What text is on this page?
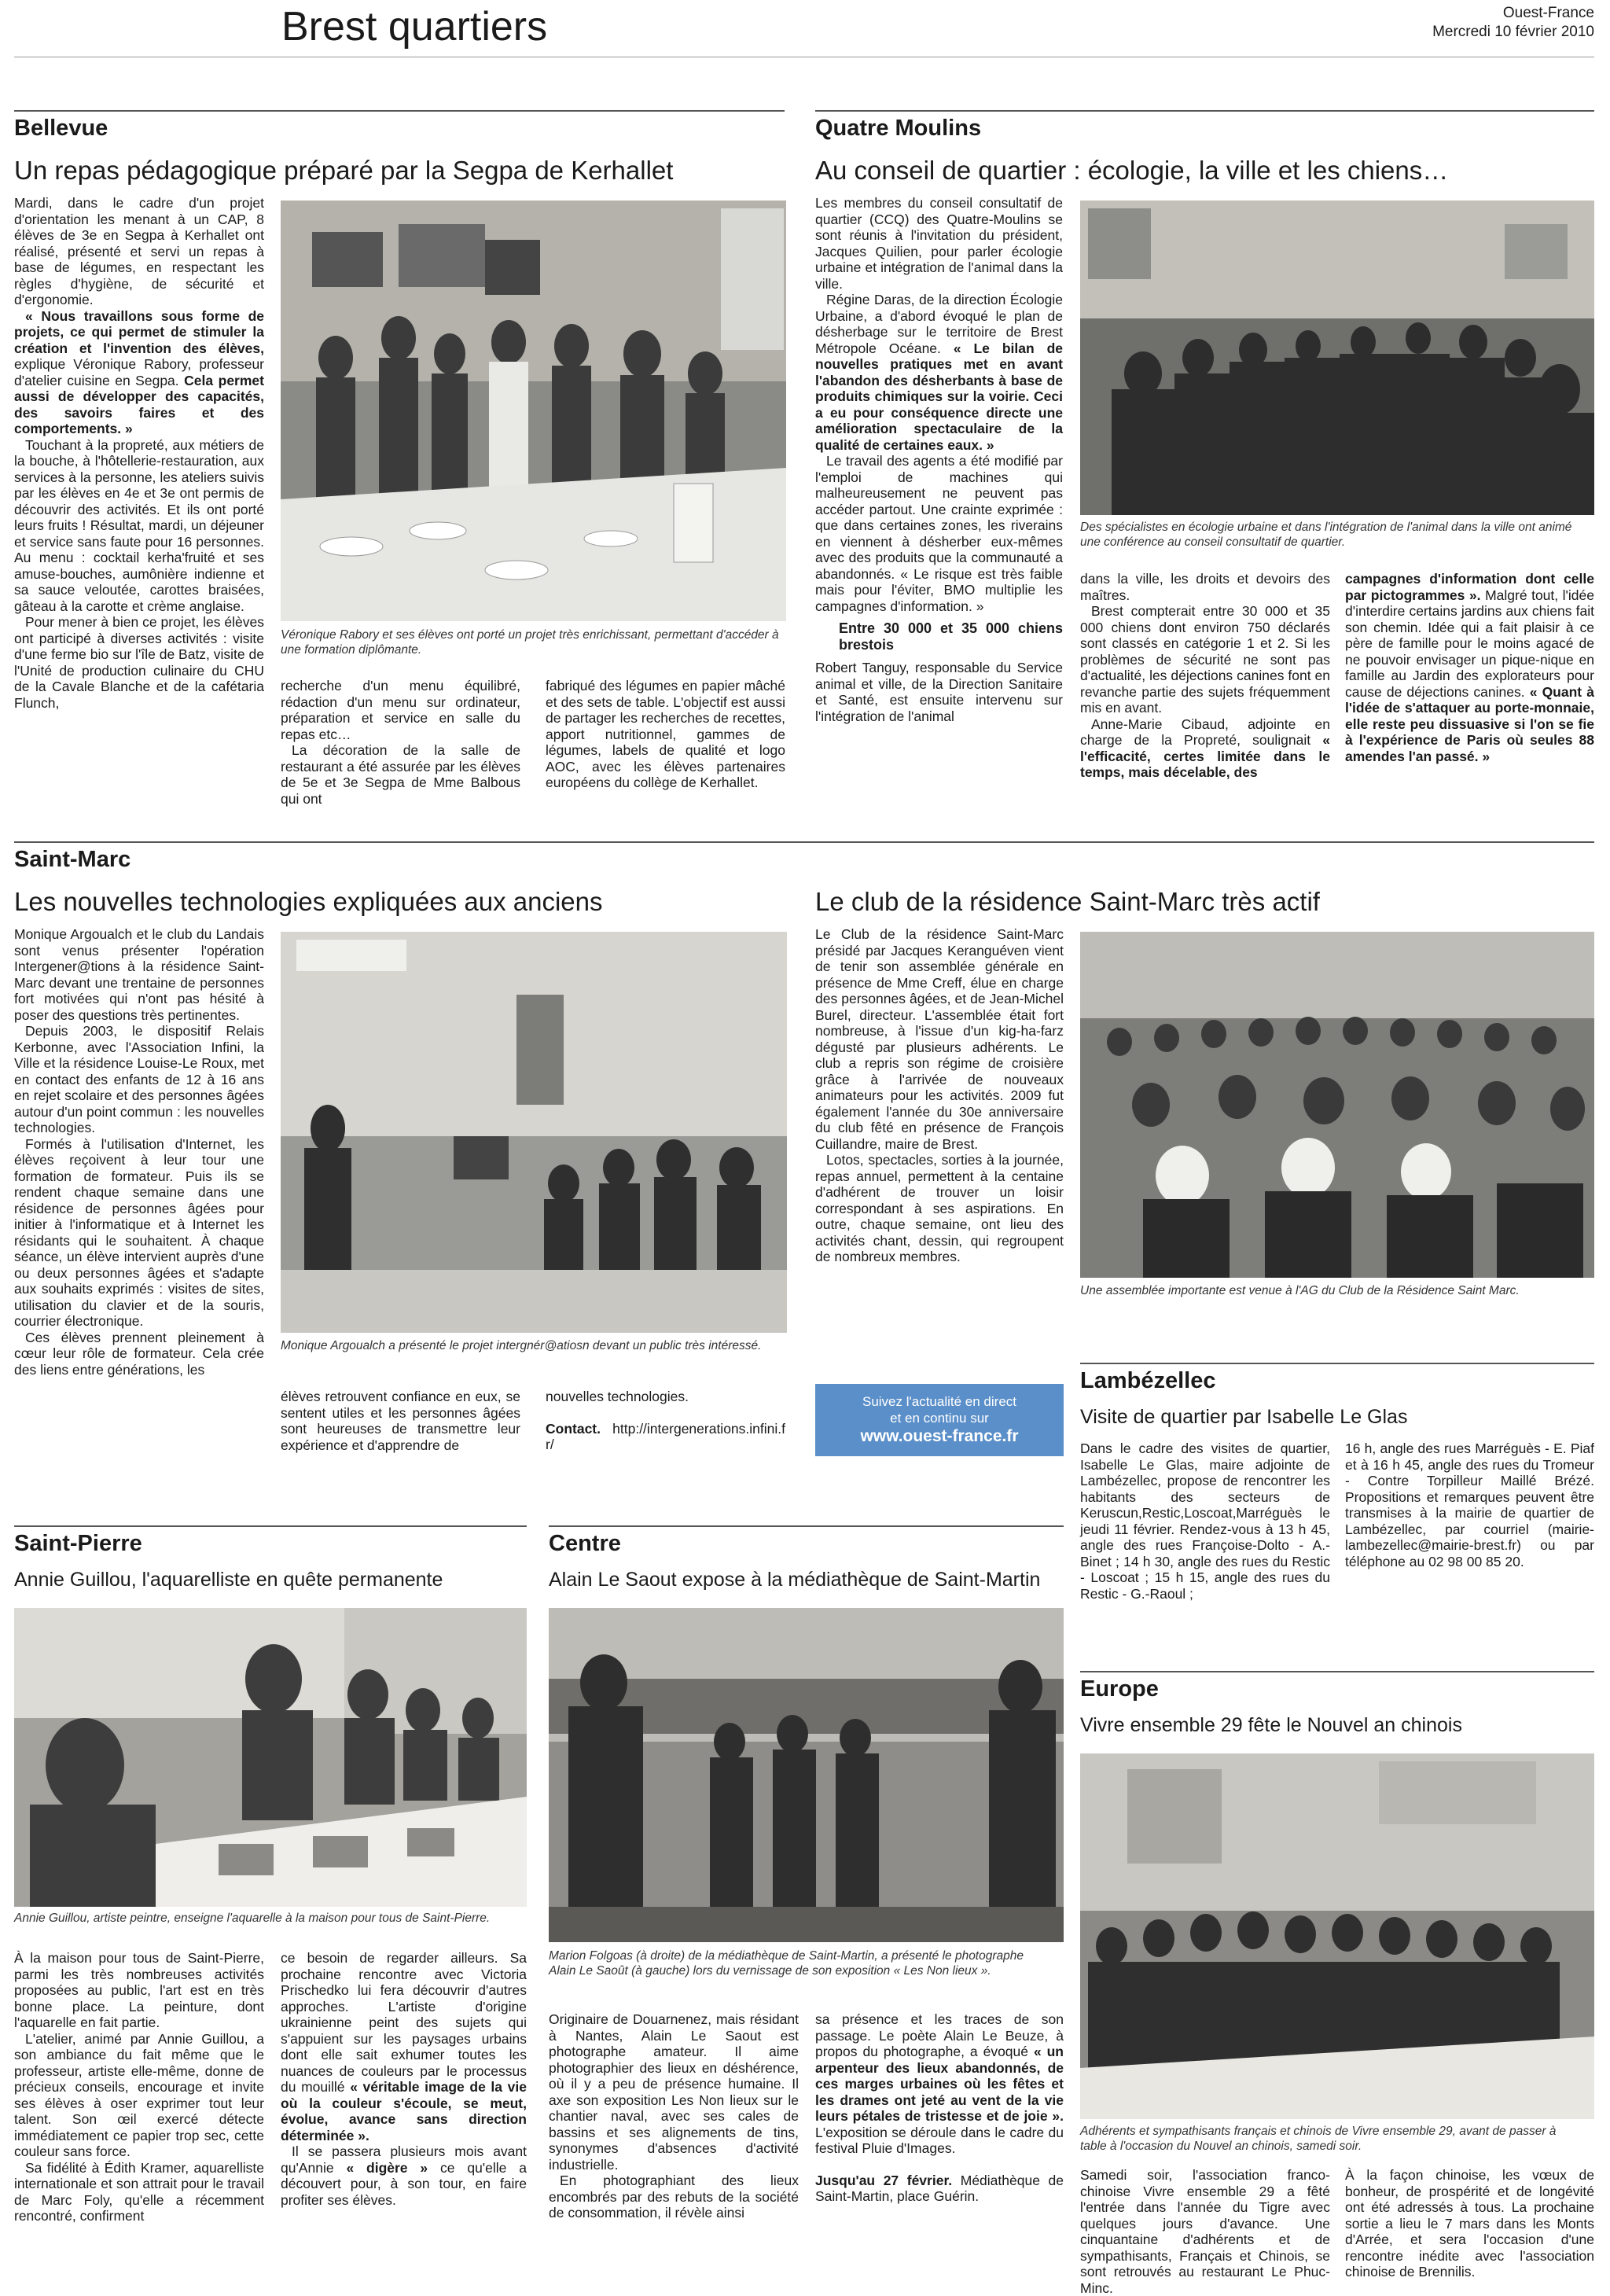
Brest quartiers	Ouest-France
Mercredi 10 février 2010
Bellevue
Un repas pédagogique préparé par la Segpa de Kerhallet

Mardi, dans le cadre d'un projet d'orientation les menant à un CAP, 8 élèves de 3e en Segpa à Kerhallet ont réalisé, présenté et servi un repas à base de légumes, en respectant les règles d'hygiène, de sécurité et d'ergonomie.

« Nous travaillons sous forme de projets, ce qui permet de stimuler la création et l'invention des élèves, explique Véronique Rabory, professeur d'atelier cuisine en Segpa. Cela permet aussi de développer des capacités, des savoirs faires et des comportements. »

Touchant à la propreté, aux métiers de la bouche, à l'hôtellerie-restauration, aux services à la personne, les ateliers suivis par les élèves en 4e et 3e ont permis de découvrir des activités. Et ils ont porté leurs fruits ! Résultat, mardi, un déjeuner et service sans faute pour 16 personnes. Au menu : cocktail kerha'fruité et ses amuse-bouches, aumônière indienne et sa sauce veloutée, carottes braisées, gâteau à la carotte et crème anglaise.

Pour mener à bien ce projet, les élèves ont participé à diverses activités : visite d'une ferme bio sur l'île de Batz, visite de l'Unité de production culinaire du CHU de la Cavale Blanche et de la cafétaria Flunch,

Véronique Rabory et ses élèves ont porté un projet très enrichissant, permettant d'accéder à une formation diplômante.

recherche d'un menu équilibré, rédaction d'un menu sur ordinateur, préparation et service en salle du repas etc…

La décoration de la salle de restaurant a été assurée par les élèves de 5e et 3e Segpa de Mme Balbous qui ont

fabriqué des légumes en papier mâché et des sets de table. L'objectif est aussi de partager les recherches de recettes, apport nutritionnel, gammes de légumes, labels de qualité et logo AOC, avec les élèves partenaires européens du collège de Kerhallet.

Quatre Moulins
Au conseil de quartier : écologie, la ville et les chiens…

Les membres du conseil consultatif de quartier (CCQ) des Quatre-Moulins se sont réunis à l'invitation du président, Jacques Quilien, pour parler écologie urbaine et intégration de l'animal dans la ville.

Régine Daras, de la direction Écologie Urbaine, a d'abord évoqué le plan de désherbage sur le territoire de Brest Métropole Océane. « Le bilan de nouvelles pratiques met en avant l'abandon des désherbants à base de produits chimiques sur la voirie. Ceci a eu pour conséquence directe une amélioration spectaculaire de la qualité de certaines eaux. »

Le travail des agents a été modifié par l'emploi de machines qui malheureusement ne peuvent pas accéder partout. Une crainte exprimée : que dans certaines zones, les riverains en viennent à désherber eux-mêmes avec des produits que la communauté a abandonnés. « Le risque est très faible mais pour l'éviter, BMO multiplie les campagnes d'information. »

Entre 30 000 et 35 000 chiens brestois

Robert Tanguy, responsable du Service animal et ville, de la Direction Sanitaire et Santé, est ensuite intervenu sur l'intégration de l'animal

Des spécialistes en écologie urbaine et dans l'intégration de l'animal dans la ville ont animé une conférence au conseil consultatif de quartier.

dans la ville, les droits et devoirs des maîtres.

Brest compterait entre 30 000 et 35 000 chiens dont environ 750 déclarés sont classés en catégorie 1 et 2. Si les problèmes de sécurité ne sont pas d'actualité, les déjections canines font en revanche partie des sujets fréquemment mis en avant.

Anne-Marie Cibaud, adjointe en charge de la Propreté, soulignait « l'efficacité, certes limitée dans le temps, mais décelable, des

campagnes d'information dont celle par pictogrammes ». Malgré tout, l'idée d'interdire certains jardins aux chiens fait son chemin. Idée qui a fait plaisir à ce père de famille pour le moins agacé de ne pouvoir envisager un pique-nique en famille au Jardin des explorateurs pour cause de déjections canines. « Quant à l'idée de s'attaquer au porte-monnaie, elle reste peu dissuasive si l'on se fie à l'expérience de Paris où seules 88 amendes l'an passé. »

Saint-Marc
Les nouvelles technologies expliquées aux anciens

Monique Argoualch et le club du Landais sont venus présenter l'opération Intergener@tions à la résidence Saint-Marc devant une trentaine de personnes fort motivées qui n'ont pas hésité à poser des questions très pertinentes.

Depuis 2003, le dispositif Relais Kerbonne, avec l'Association Infini, la Ville et la résidence Louise-Le Roux, met en contact des enfants de 12 à 16 ans en rejet scolaire et des personnes âgées autour d'un point commun : les nouvelles technologies.

Formés à l'utilisation d'Internet, les élèves reçoivent à leur tour une formation de formateur. Puis ils se rendent chaque semaine dans une résidence de personnes âgées pour initier à l'informatique et à Internet les résidants qui le souhaitent. À chaque séance, un élève intervient auprès d'une ou deux personnes âgées et s'adapte aux souhaits exprimés : visites de sites, utilisation du clavier et de la souris, courrier électronique.

Ces élèves prennent pleinement à cœur leur rôle de formateur. Cela crée des liens entre générations, les

Monique Argoualch a présenté le projet intergnér@atiosn devant un public très intéressé.

élèves retrouvent confiance en eux, se sentent utiles et les personnes âgées sont heureuses de transmettre leur expérience et d'apprendre de

nouvelles technologies.

Contact. http://intergenerations.infini.fr/

Le club de la résidence Saint-Marc très actif

Le Club de la résidence Saint-Marc présidé par Jacques Keranguéven vient de tenir son assemblée générale en présence de Mme Creff, élue en charge des personnes âgées, et de Jean-Michel Burel, directeur. L'assemblée était fort nombreuse, à l'issue d'un kig-ha-farz dégusté par plusieurs adhérents. Le club a repris son régime de croisière grâce à l'arrivée de nouveaux animateurs pour les activités. 2009 fut également l'année du 30e anniversaire du club fêté en présence de François Cuillandre, maire de Brest.

Lotos, spectacles, sorties à la journée, repas annuel, permettent à la centaine d'adhérent de trouver un loisir correspondant à ses aspirations. En outre, chaque semaine, ont lieu des activités chant, dessin, qui regroupent de nombreux membres.

Une assemblée importante est venue à l'AG du Club de la Résidence Saint Marc.
Suivez l'actualité en direct
et en continu sur
www.ouest-france.fr
Lambézellec
Visite de quartier par Isabelle Le Glas

Dans le cadre des visites de quartier, Isabelle Le Glas, maire adjointe de Lambézellec, propose de rencontrer les habitants des secteurs de Keruscun,Restic,Loscoat,Marréguès le jeudi 11 février. Rendez-vous à 13 h 45, angle des rues Françoise-Dolto - A.-Binet ; 14 h 30, angle des rues du Restic - Loscoat ; 15 h 15, angle des rues du Restic - G.-Raoul ;

16 h, angle des rues Marréguès - E. Piaf et à 16 h 45, angle des rues du Tromeur - Contre Torpilleur Maillé Brézé. Propositions et remarques peuvent être transmises à la mairie de quartier de Lambézellec, par courriel (mairie-lambezellec@mairie-brest.fr) ou par téléphone au 02 98 00 85 20.

Saint-Pierre
Annie Guillou, l'aquarelliste en quête permanente
Annie Guillou, artiste peintre, enseigne l'aquarelle à la maison pour tous de Saint-Pierre.

À la maison pour tous de Saint-Pierre, parmi les très nombreuses activités proposées au public, l'art est en très bonne place. La peinture, dont l'aquarelle en fait partie.

L'atelier, animé par Annie Guillou, a son ambiance du fait même que le professeur, artiste elle-même, donne de précieux conseils, encourage et invite ses élèves à oser exprimer tout leur talent. Son œil exercé détecte immédiatement ce papier trop sec, cette couleur sans force.

Sa fidélité à Édith Kramer, aquarelliste internationale et son attrait pour le travail de Marc Foly, qu'elle a récemment rencontré, confirment

ce besoin de regarder ailleurs. Sa prochaine rencontre avec Victoria Prischedko lui fera découvrir d'autres approches. L'artiste d'origine ukrainienne peint des sujets qui s'appuient sur les paysages urbains dont elle sait exhumer toutes les nuances de couleurs par le processus du mouillé « véritable image de la vie où la couleur s'écoule, se meut, évolue, avance sans direction déterminée ».

Il se passera plusieurs mois avant qu'Annie « digère » ce qu'elle a découvert pour, à son tour, en faire profiter ses élèves.

Centre
Alain Le Saout expose à la médiathèque de Saint-Martin
Marion Folgoas (à droite) de la médiathèque de Saint-Martin, a présenté le photographe Alain Le Saoût (à gauche) lors du vernissage de son exposition « Les Non lieux ».

Originaire de Douarnenez, mais résidant à Nantes, Alain Le Saout est photographe amateur. Il aime photographier des lieux en déshérence, où il y a peu de présence humaine. Il axe son exposition Les Non lieux sur le chantier naval, avec ses cales de bassins et ses alignements de tins, synonymes d'absences d'activité industrielle.

En photographiant des lieux encombrés par des rebuts de la société de consommation, il révèle ainsi

sa présence et les traces de son passage. Le poète Alain Le Beuze, à propos du photographe, a évoqué « un arpenteur des lieux abandonnés, de ces marges urbaines où les fêtes et les drames ont jeté au vent de la vie leurs pétales de tristesse et de joie ». L'exposition se déroule dans le cadre du festival Pluie d'Images.

Jusqu'au 27 février. Médiathèque de Saint-Martin, place Guérin.

Europe
Vivre ensemble 29 fête le Nouvel an chinois
Adhérents et sympathisants français et chinois de Vivre ensemble 29, avant de passer à table à l'occasion du Nouvel an chinois, samedi soir.

Samedi soir, l'association franco-chinoise Vivre ensemble 29 a fêté l'entrée dans l'année du Tigre avec quelques jours d'avance. Une cinquantaine d'adhérents et de sympathisants, Français et Chinois, se sont retrouvés au restaurant Le Phuc-Minc.

À la façon chinoise, les vœux de bonheur, de prospérité et de longévité ont été adressés à tous. La prochaine sortie a lieu le 7 mars dans les Monts d'Arrée, et sera l'occasion d'une rencontre inédite avec l'association chinoise de Brennilis.
